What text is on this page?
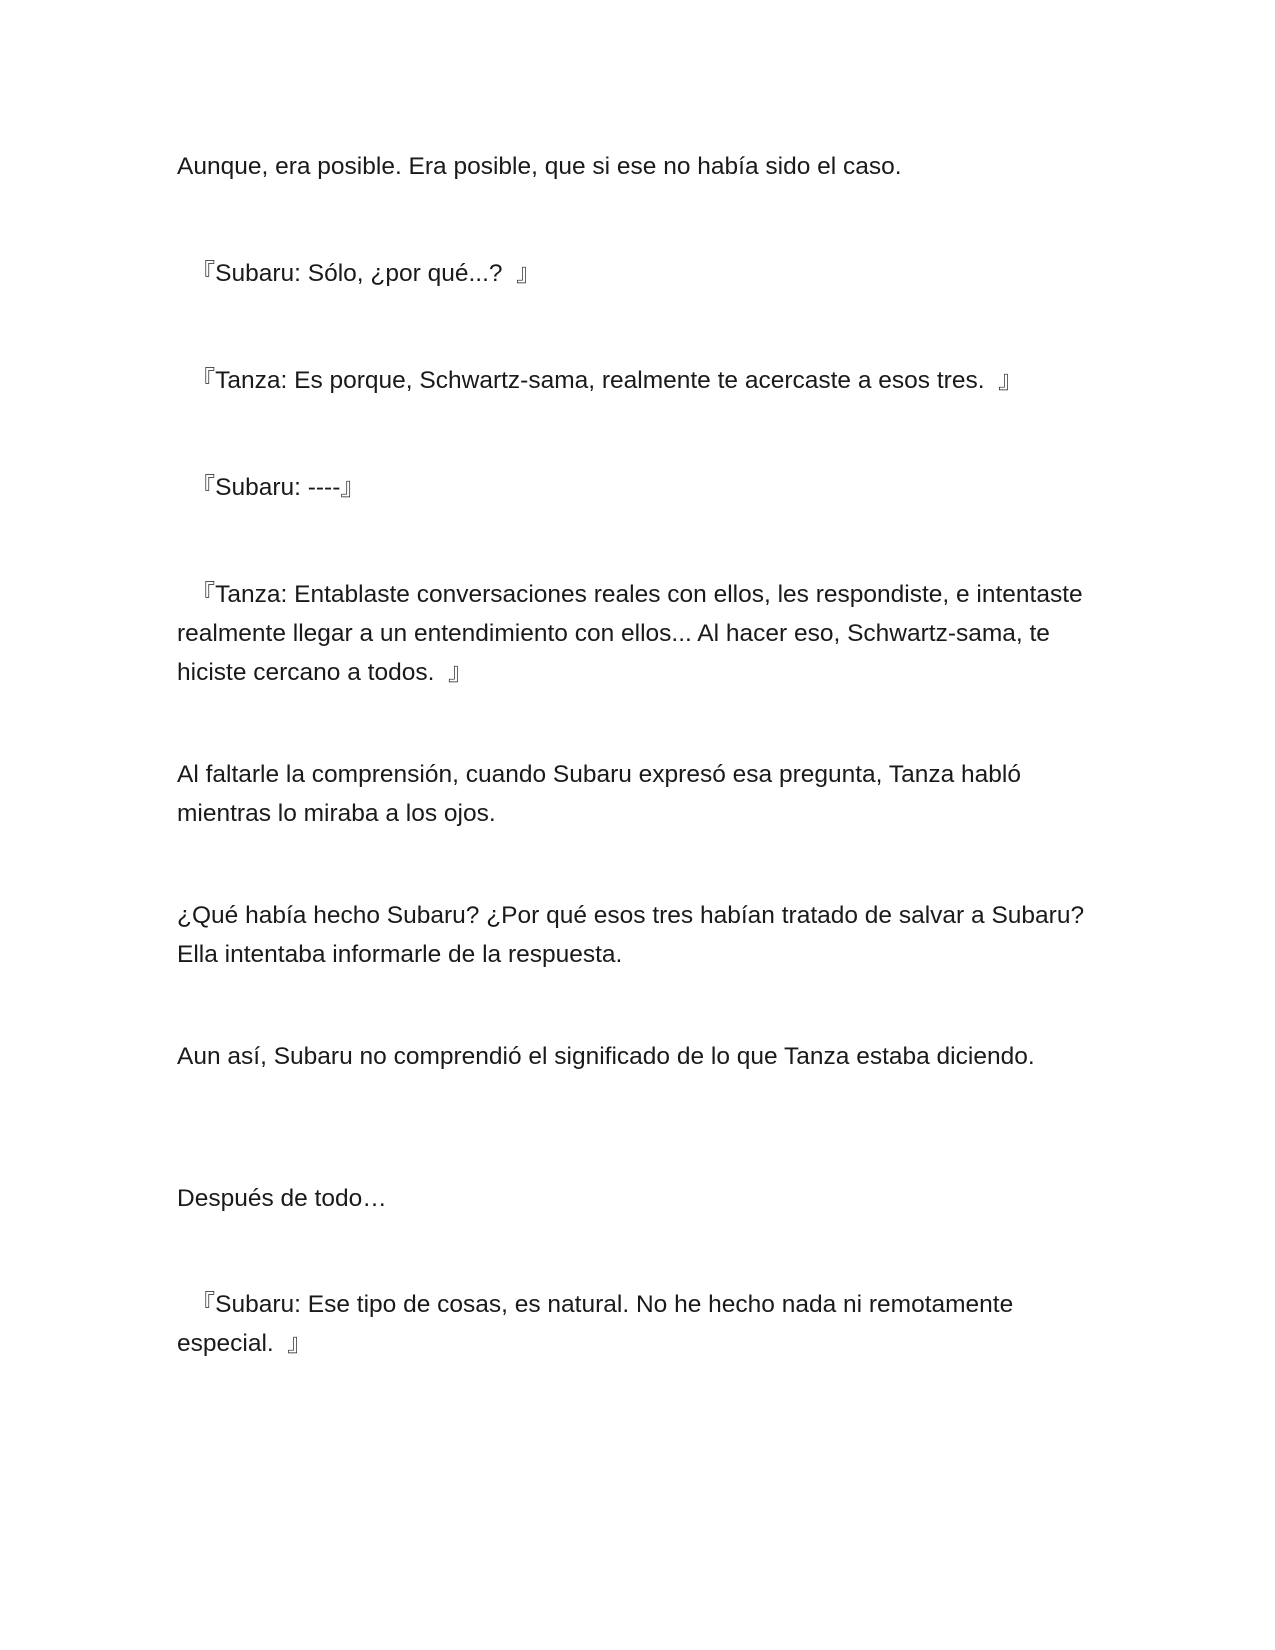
Aunque, era posible. Era posible, que si ese no había sido el caso.

『Subaru: Sólo, ¿por qué...?  』

『Tanza: Es porque, Schwartz-sama, realmente te acercaste a esos tres.  』

『Subaru: ----』

『Tanza: Entablaste conversaciones reales con ellos, les respondiste, e intentaste realmente llegar a un entendimiento con ellos... Al hacer eso, Schwartz-sama, te hiciste cercano a todos.  』

Al faltarle la comprensión, cuando Subaru expresó esa pregunta, Tanza habló mientras lo miraba a los ojos.

¿Qué había hecho Subaru? ¿Por qué esos tres habían tratado de salvar a Subaru? Ella intentaba informarle de la respuesta.

Aun así, Subaru no comprendió el significado de lo que Tanza estaba diciendo.

Después de todo…

『Subaru: Ese tipo de cosas, es natural. No he hecho nada ni remotamente especial.  』
